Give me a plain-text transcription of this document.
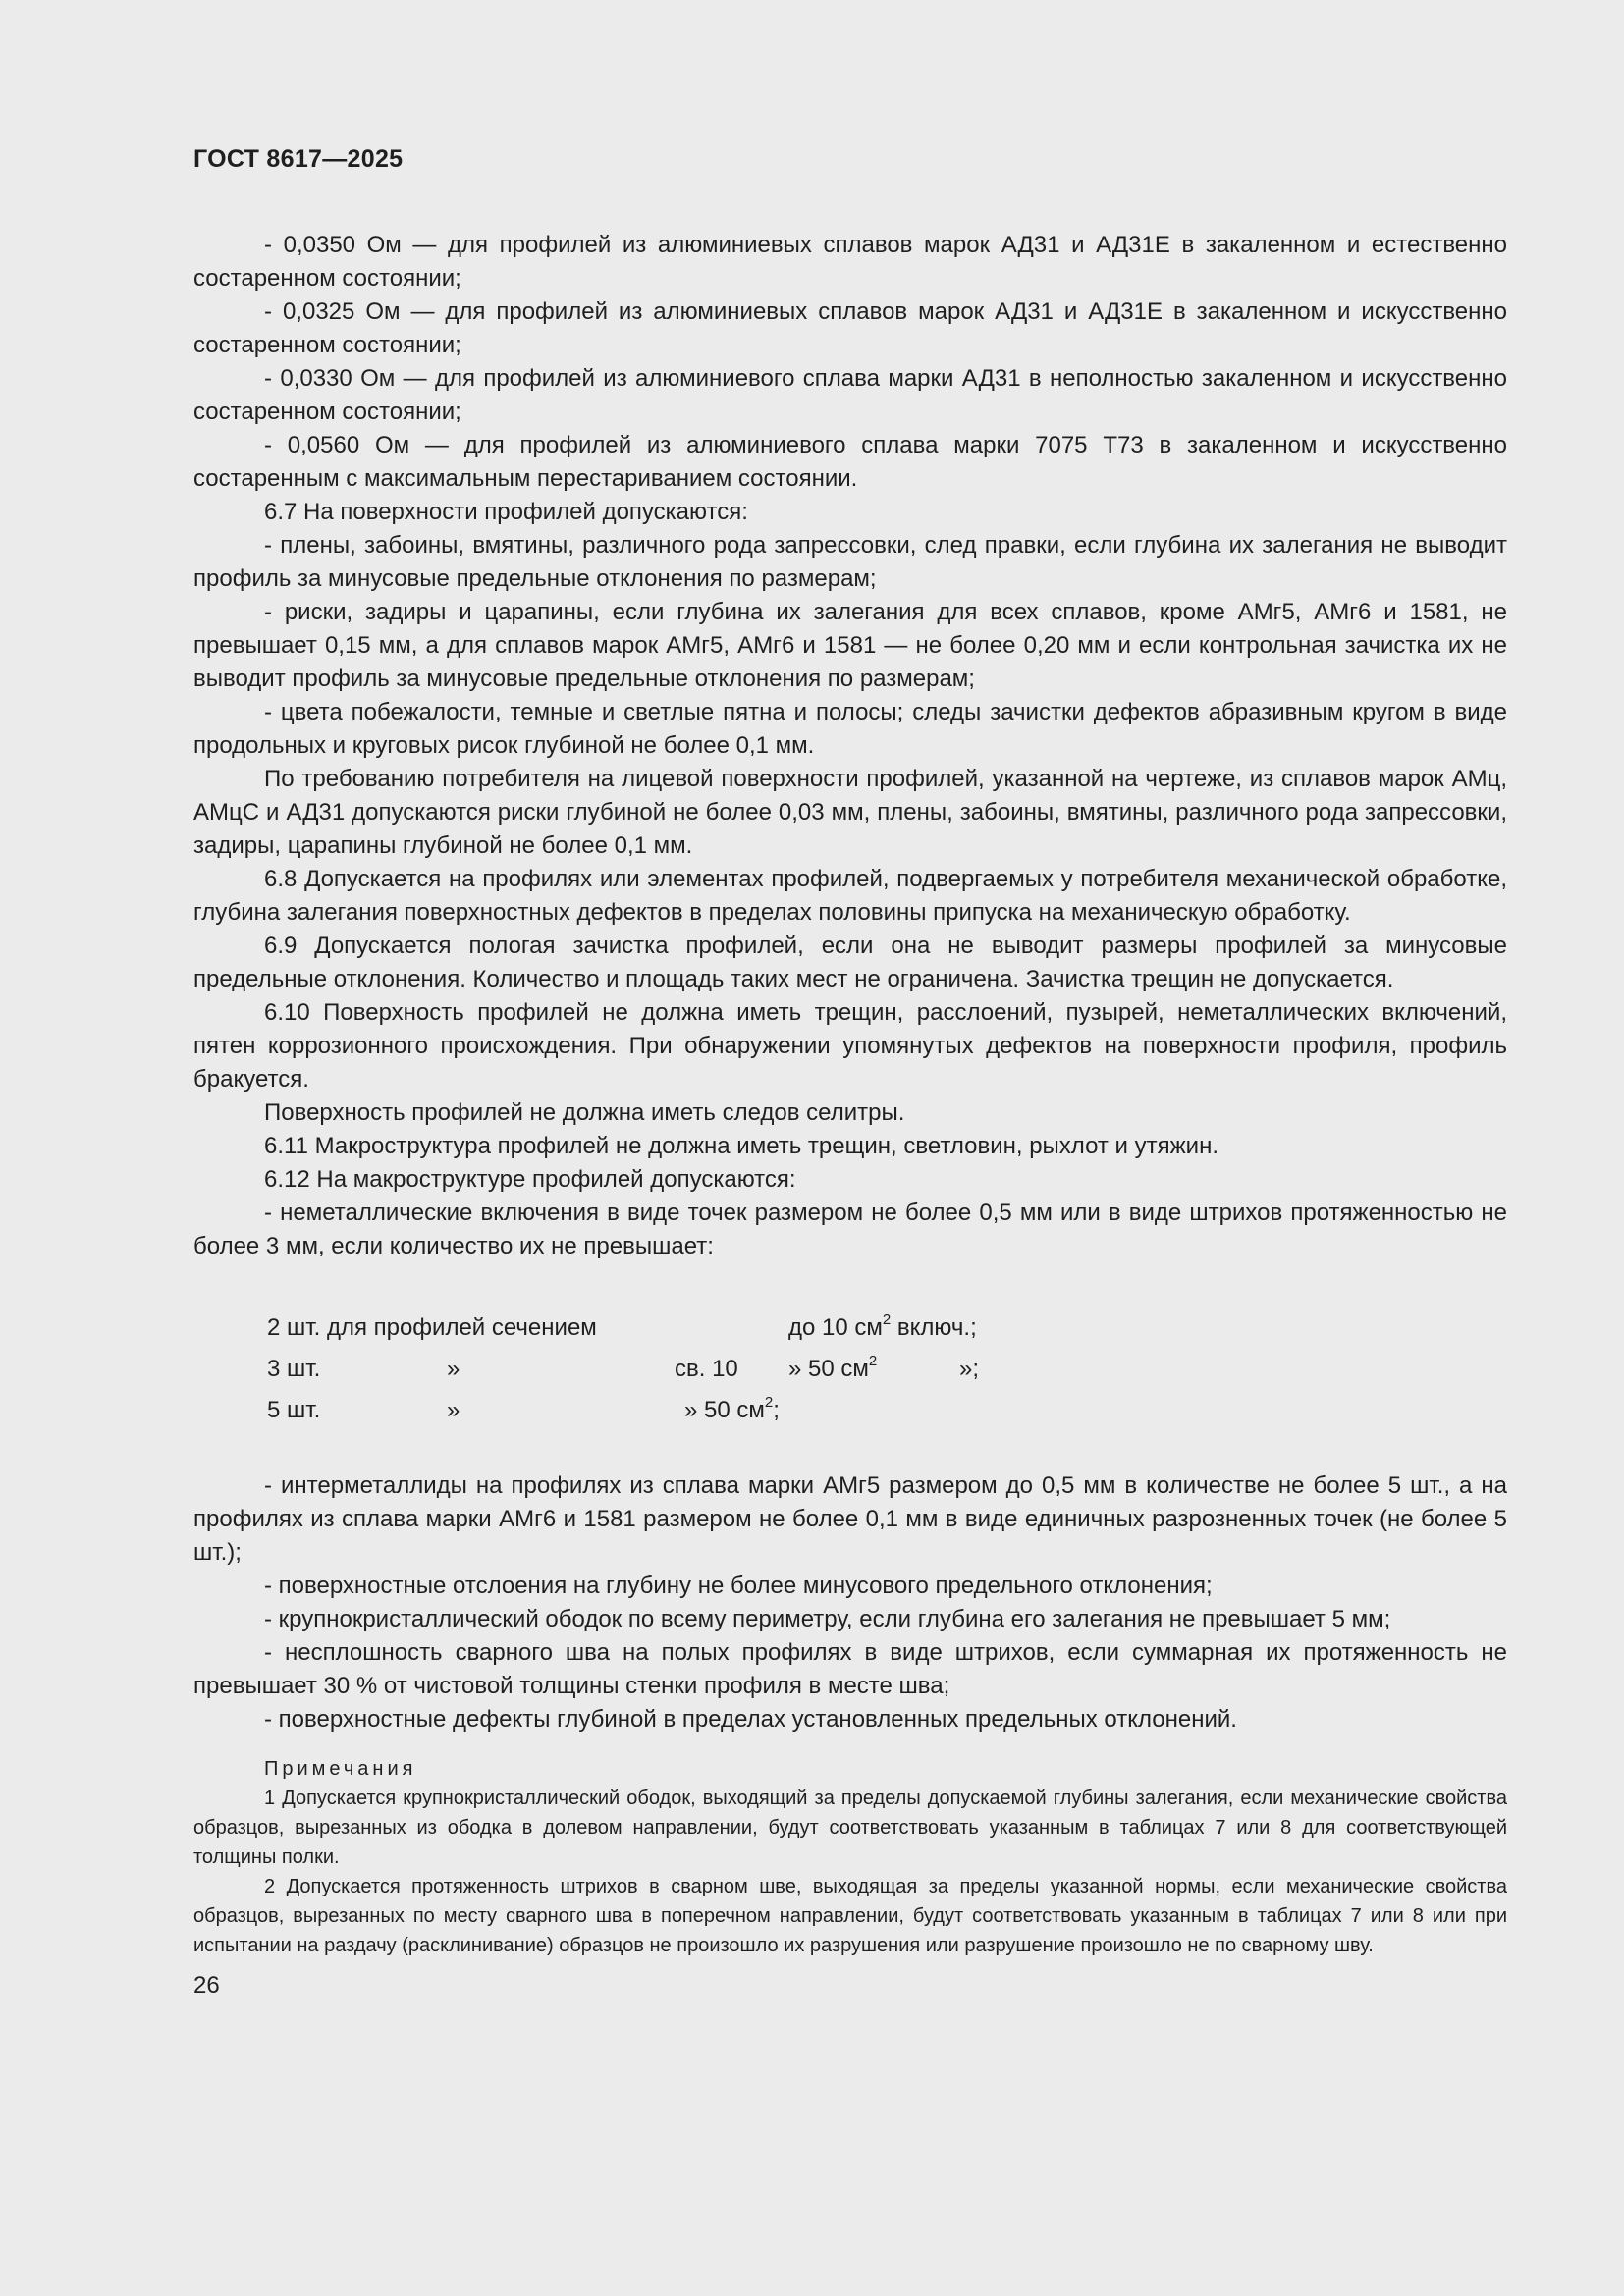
ГОСТ 8617—2025

- 0,0350 Ом — для профилей из алюминиевых сплавов марок АД31 и АД31Е в закаленном и естественно состаренном состоянии;

- 0,0325 Ом — для профилей из алюминиевых сплавов марок АД31 и АД31Е в закаленном и искусственно состаренном состоянии;

- 0,0330 Ом — для профилей из алюминиевого сплава марки АД31 в неполностью закаленном и искусственно состаренном состоянии;

- 0,0560 Ом — для профилей из алюминиевого сплава марки 7075 Т73 в закаленном и искусственно состаренным с максимальным перестариванием состоянии.

6.7 На поверхности профилей допускаются:

- плены, забоины, вмятины, различного рода запрессовки, след правки, если глубина их залегания не выводит профиль за минусовые предельные отклонения по размерам;

- риски, задиры и царапины, если глубина их залегания для всех сплавов, кроме АМг5, АМг6 и 1581, не превышает 0,15 мм, а для сплавов марок АМг5, АМг6 и 1581 — не более 0,20 мм и если контрольная зачистка их не выводит профиль за минусовые предельные отклонения по размерам;

- цвета побежалости, темные и светлые пятна и полосы; следы зачистки дефектов абразивным кругом в виде продольных и круговых рисок глубиной не более 0,1 мм.

По требованию потребителя на лицевой поверхности профилей, указанной на чертеже, из сплавов марок АМц, АМцС и АД31 допускаются риски глубиной не более 0,03 мм, плены, забоины, вмятины, различного рода запрессовки, задиры, царапины глубиной не более 0,1 мм.

6.8 Допускается на профилях или элементах профилей, подвергаемых у потребителя механической обработке, глубина залегания поверхностных дефектов в пределах половины припуска на механическую обработку.

6.9 Допускается пологая зачистка профилей, если она не выводит размеры профилей за минусовые предельные отклонения. Количество и площадь таких мест не ограничена. Зачистка трещин не допускается.

6.10 Поверхность профилей не должна иметь трещин, расслоений, пузырей, неметаллических включений, пятен коррозионного происхождения. При обнаружении упомянутых дефектов на поверхности профиля, профиль бракуется.

Поверхность профилей не должна иметь следов селитры.

6.11 Макроструктура профилей не должна иметь трещин, светловин, рыхлот и утяжин.

6.12 На макроструктуре профилей допускаются:

- неметаллические включения в виде точек размером не более 0,5 мм или в виде штрихов протяженностью не более 3 мм, если количество их не превышает:

2 шт. для профилей сечением	до 10 $см^2$ включ.;
3 шт.	»	св. 10 » 50 $см^2$	»;
5 шт.	»	» 50 $см^2$;

- интерметаллиды на профилях из сплава марки АМг5 размером до 0,5 мм в количестве не более 5 шт., а на профилях из сплава марки АМг6 и 1581 размером не более 0,1 мм в виде единичных разрозненных точек (не более 5 шт.);

- поверхностные отслоения на глубину не более минусового предельного отклонения;

- крупнокристаллический ободок по всему периметру, если глубина его залегания не превышает 5 мм;

- несплошность сварного шва на полых профилях в виде штрихов, если суммарная их протяженность не превышает 30 % от чистовой толщины стенки профиля в месте шва;

- поверхностные дефекты глубиной в пределах установленных предельных отклонений.

Примечания

1 Допускается крупнокристаллический ободок, выходящий за пределы допускаемой глубины залегания, если механические свойства образцов, вырезанных из ободка в долевом направлении, будут соответствовать указанным в таблицах 7 или 8 для соответствующей толщины полки.

2 Допускается протяженность штрихов в сварном шве, выходящая за пределы указанной нормы, если механические свойства образцов, вырезанных по месту сварного шва в поперечном направлении, будут соответствовать указанным в таблицах 7 или 8 или при испытании на раздачу (расклинивание) образцов не произошло их разрушения или разрушение произошло не по сварному шву.

26
